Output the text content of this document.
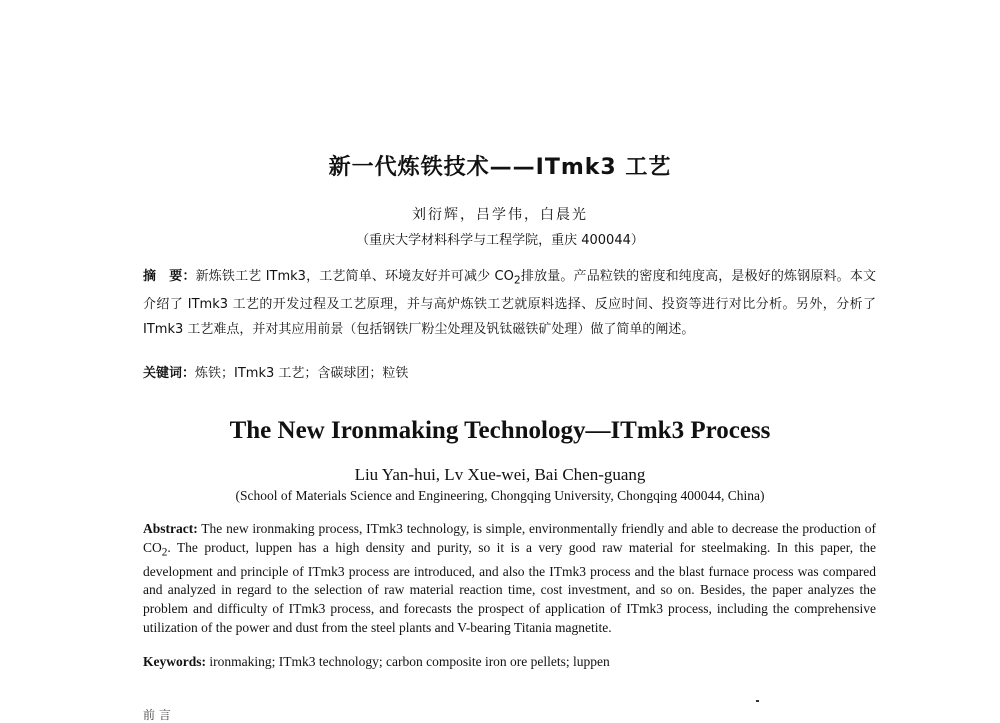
新一代炼铁技术——ITmk3 工艺
刘衍辉，吕学伟，白晨光
（重庆大学材料科学与工程学院，重庆 400044）
摘　要：新炼铁工艺 ITmk3，工艺简单、环境友好并可减少 $CO_2$排放量。产品粒铁的密度和纯度高，是极好的炼钢原料。本文介绍了 ITmk3 工艺的开发过程及工艺原理，并与高炉炼铁工艺就原料选择、反应时间、投资等进行对比分析。另外，分析了 ITmk3 工艺难点，并对其应用前景（包括钢铁厂粉尘处理及钒钛磁铁矿处理）做了简单的阐述。
关键词：炼铁；ITmk3 工艺；含碳球团；粒铁
The New Ironmaking Technology—ITmk3 Process
Liu Yan-hui, Lv Xue-wei, Bai Chen-guang
(School of Materials Science and Engineering, Chongqing University, Chongqing 400044, China)
Abstract: The new ironmaking process, ITmk3 technology, is simple, environmentally friendly and able to decrease the production of $CO_2$. The product, luppen has a high density and purity, so it is a very good raw material for steelmaking. In this paper, the development and principle of ITmk3 process are introduced, and also the ITmk3 process and the blast furnace process was compared and analyzed in regard to the selection of raw material reaction time, cost investment, and so on. Besides, the paper analyzes the problem and difficulty of ITmk3 process, and forecasts the prospect of application of ITmk3 process, including the comprehensive utilization of the power and dust from the steel plants and V-bearing Titania magnetite.
Keywords: ironmaking; ITmk3 technology; carbon composite iron ore pellets; luppen
前 言
